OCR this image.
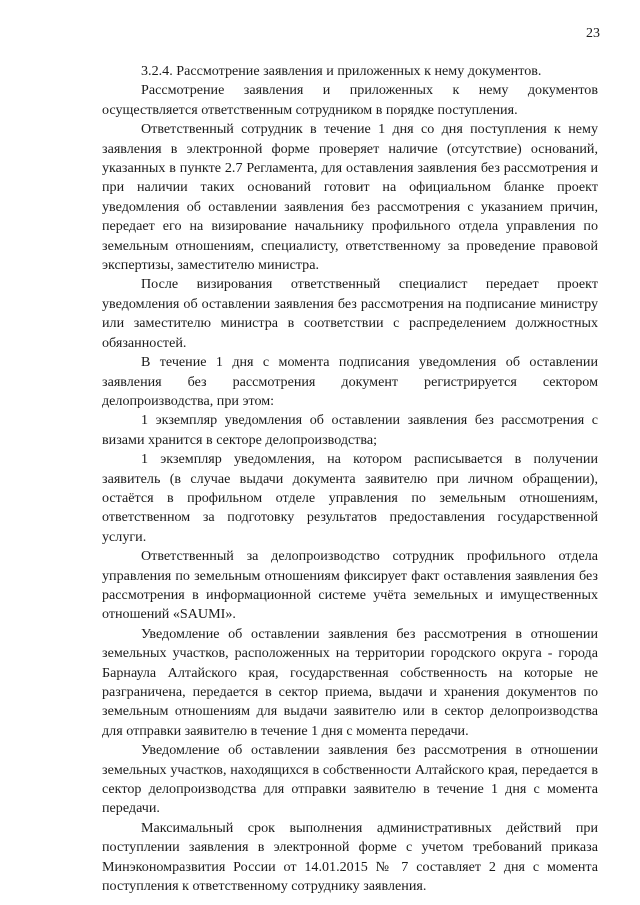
23

3.2.4. Рассмотрение заявления и приложенных к нему документов.

Рассмотрение заявления и приложенных к нему документов осуществляется ответственным сотрудником в порядке поступления.

Ответственный сотрудник в течение 1 дня со дня поступления к нему заявления в электронной форме проверяет наличие (отсутствие) оснований, указанных в пункте 2.7 Регламента, для оставления заявления без рассмотрения и при наличии таких оснований готовит на официальном бланке проект уведомления об оставлении заявления без рассмотрения с указанием причин, передает его на визирование начальнику профильного отдела управления по земельным отношениям, специалисту, ответственному за проведение правовой экспертизы, заместителю министра.

После визирования ответственный специалист передает проект уведомления об оставлении заявления без рассмотрения на подписание министру или заместителю министра в соответствии с распределением должностных обязанностей.

В течение 1 дня с момента подписания уведомления об оставлении заявления без рассмотрения документ регистрируется сектором делопроизводства, при этом:

1 экземпляр уведомления об оставлении заявления без рассмотрения с визами хранится в секторе делопроизводства;

1 экземпляр уведомления, на котором расписывается в получении заявитель (в случае выдачи документа заявителю при личном обращении), остаётся в профильном отделе управления по земельным отношениям, ответственном за подготовку результатов предоставления государственной услуги.

Ответственный за делопроизводство сотрудник профильного отдела управления по земельным отношениям фиксирует факт оставления заявления без рассмотрения в информационной системе учёта земельных и имущественных отношений «SAUMI».

Уведомление об оставлении заявления без рассмотрения в отношении земельных участков, расположенных на территории городского округа - города Барнаула Алтайского края, государственная собственность на которые не разграничена, передается в сектор приема, выдачи и хранения документов по земельным отношениям для выдачи заявителю или в сектор делопроизводства для отправки заявителю в течение 1 дня с момента передачи.

Уведомление об оставлении заявления без рассмотрения в отношении земельных участков, находящихся в собственности Алтайского края, передается в сектор делопроизводства для отправки заявителю в течение 1 дня с момента передачи.

Максимальный срок выполнения административных действий при поступлении заявления в электронной форме с учетом требований приказа Минэкономразвития России от 14.01.2015 № 7 составляет 2 дня с момента поступления к ответственному сотруднику заявления.
